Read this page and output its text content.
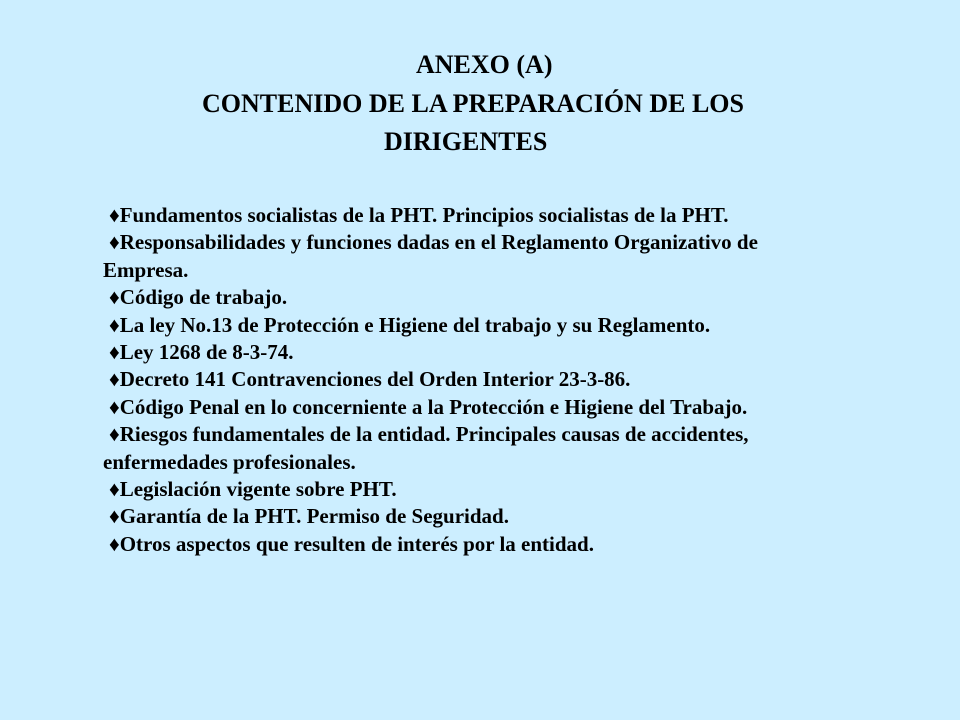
ANEXO (A)
CONTENIDO DE LA PREPARACIÓN DE LOS
DIRIGENTES
♦Fundamentos socialistas de la PHT. Principios socialistas de la PHT.
♦Responsabilidades y funciones dadas en el Reglamento Organizativo de
Empresa.
♦Código de trabajo.
♦La ley No.13 de Protección e Higiene del trabajo y su Reglamento.
♦Ley 1268 de 8-3-74.
♦Decreto 141 Contravenciones del Orden Interior 23-3-86.
♦Código Penal en lo concerniente a la Protección e Higiene del Trabajo.
♦Riesgos fundamentales de la entidad. Principales causas de accidentes,
enfermedades profesionales.
♦Legislación vigente sobre PHT.
♦Garantía de la PHT. Permiso de Seguridad.
♦Otros aspectos que resulten de interés por la entidad.
